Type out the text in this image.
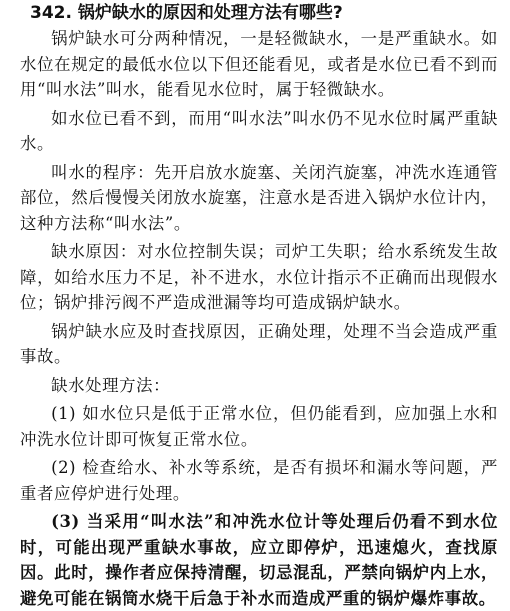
342. 锅炉缺水的原因和处理方法有哪些?

锅炉缺水可分两种情况，一是轻微缺水，一是严重缺水。如水位在规定的最低水位以下但还能看见，或者是水位已看不到而用“叫水法”叫水，能看见水位时，属于轻微缺水。

如水位已看不到，而用“叫水法”叫水仍不见水位时属严重缺水。

叫水的程序：先开启放水旋塞、关闭汽旋塞，冲洗水连通管部位，然后慢慢关闭放水旋塞，注意水是否进入锅炉水位计内，这种方法称“叫水法”。

缺水原因：对水位控制失误；司炉工失职；给水系统发生故障，如给水压力不足，补不进水，水位计指示不正确而出现假水位；锅炉排污阀不严造成泄漏等均可造成锅炉缺水。

锅炉缺水应及时查找原因，正确处理，处理不当会造成严重事故。

缺水处理方法：

(1) 如水位只是低于正常水位，但仍能看到，应加强上水和冲洗水位计即可恢复正常水位。

(2) 检查给水、补水等系统，是否有损坏和漏水等问题，严重者应停炉进行处理。

(3) 当采用“叫水法”和冲洗水位计等处理后仍看不到水位时，可能出现严重缺水事故，应立即停炉，迅速熄火，查找原因。此时，操作者应保持清醒，切忌混乱，严禁向锅炉内上水，避免可能在锅筒水烧干后急于补水而造成严重的锅炉爆炸事故。
